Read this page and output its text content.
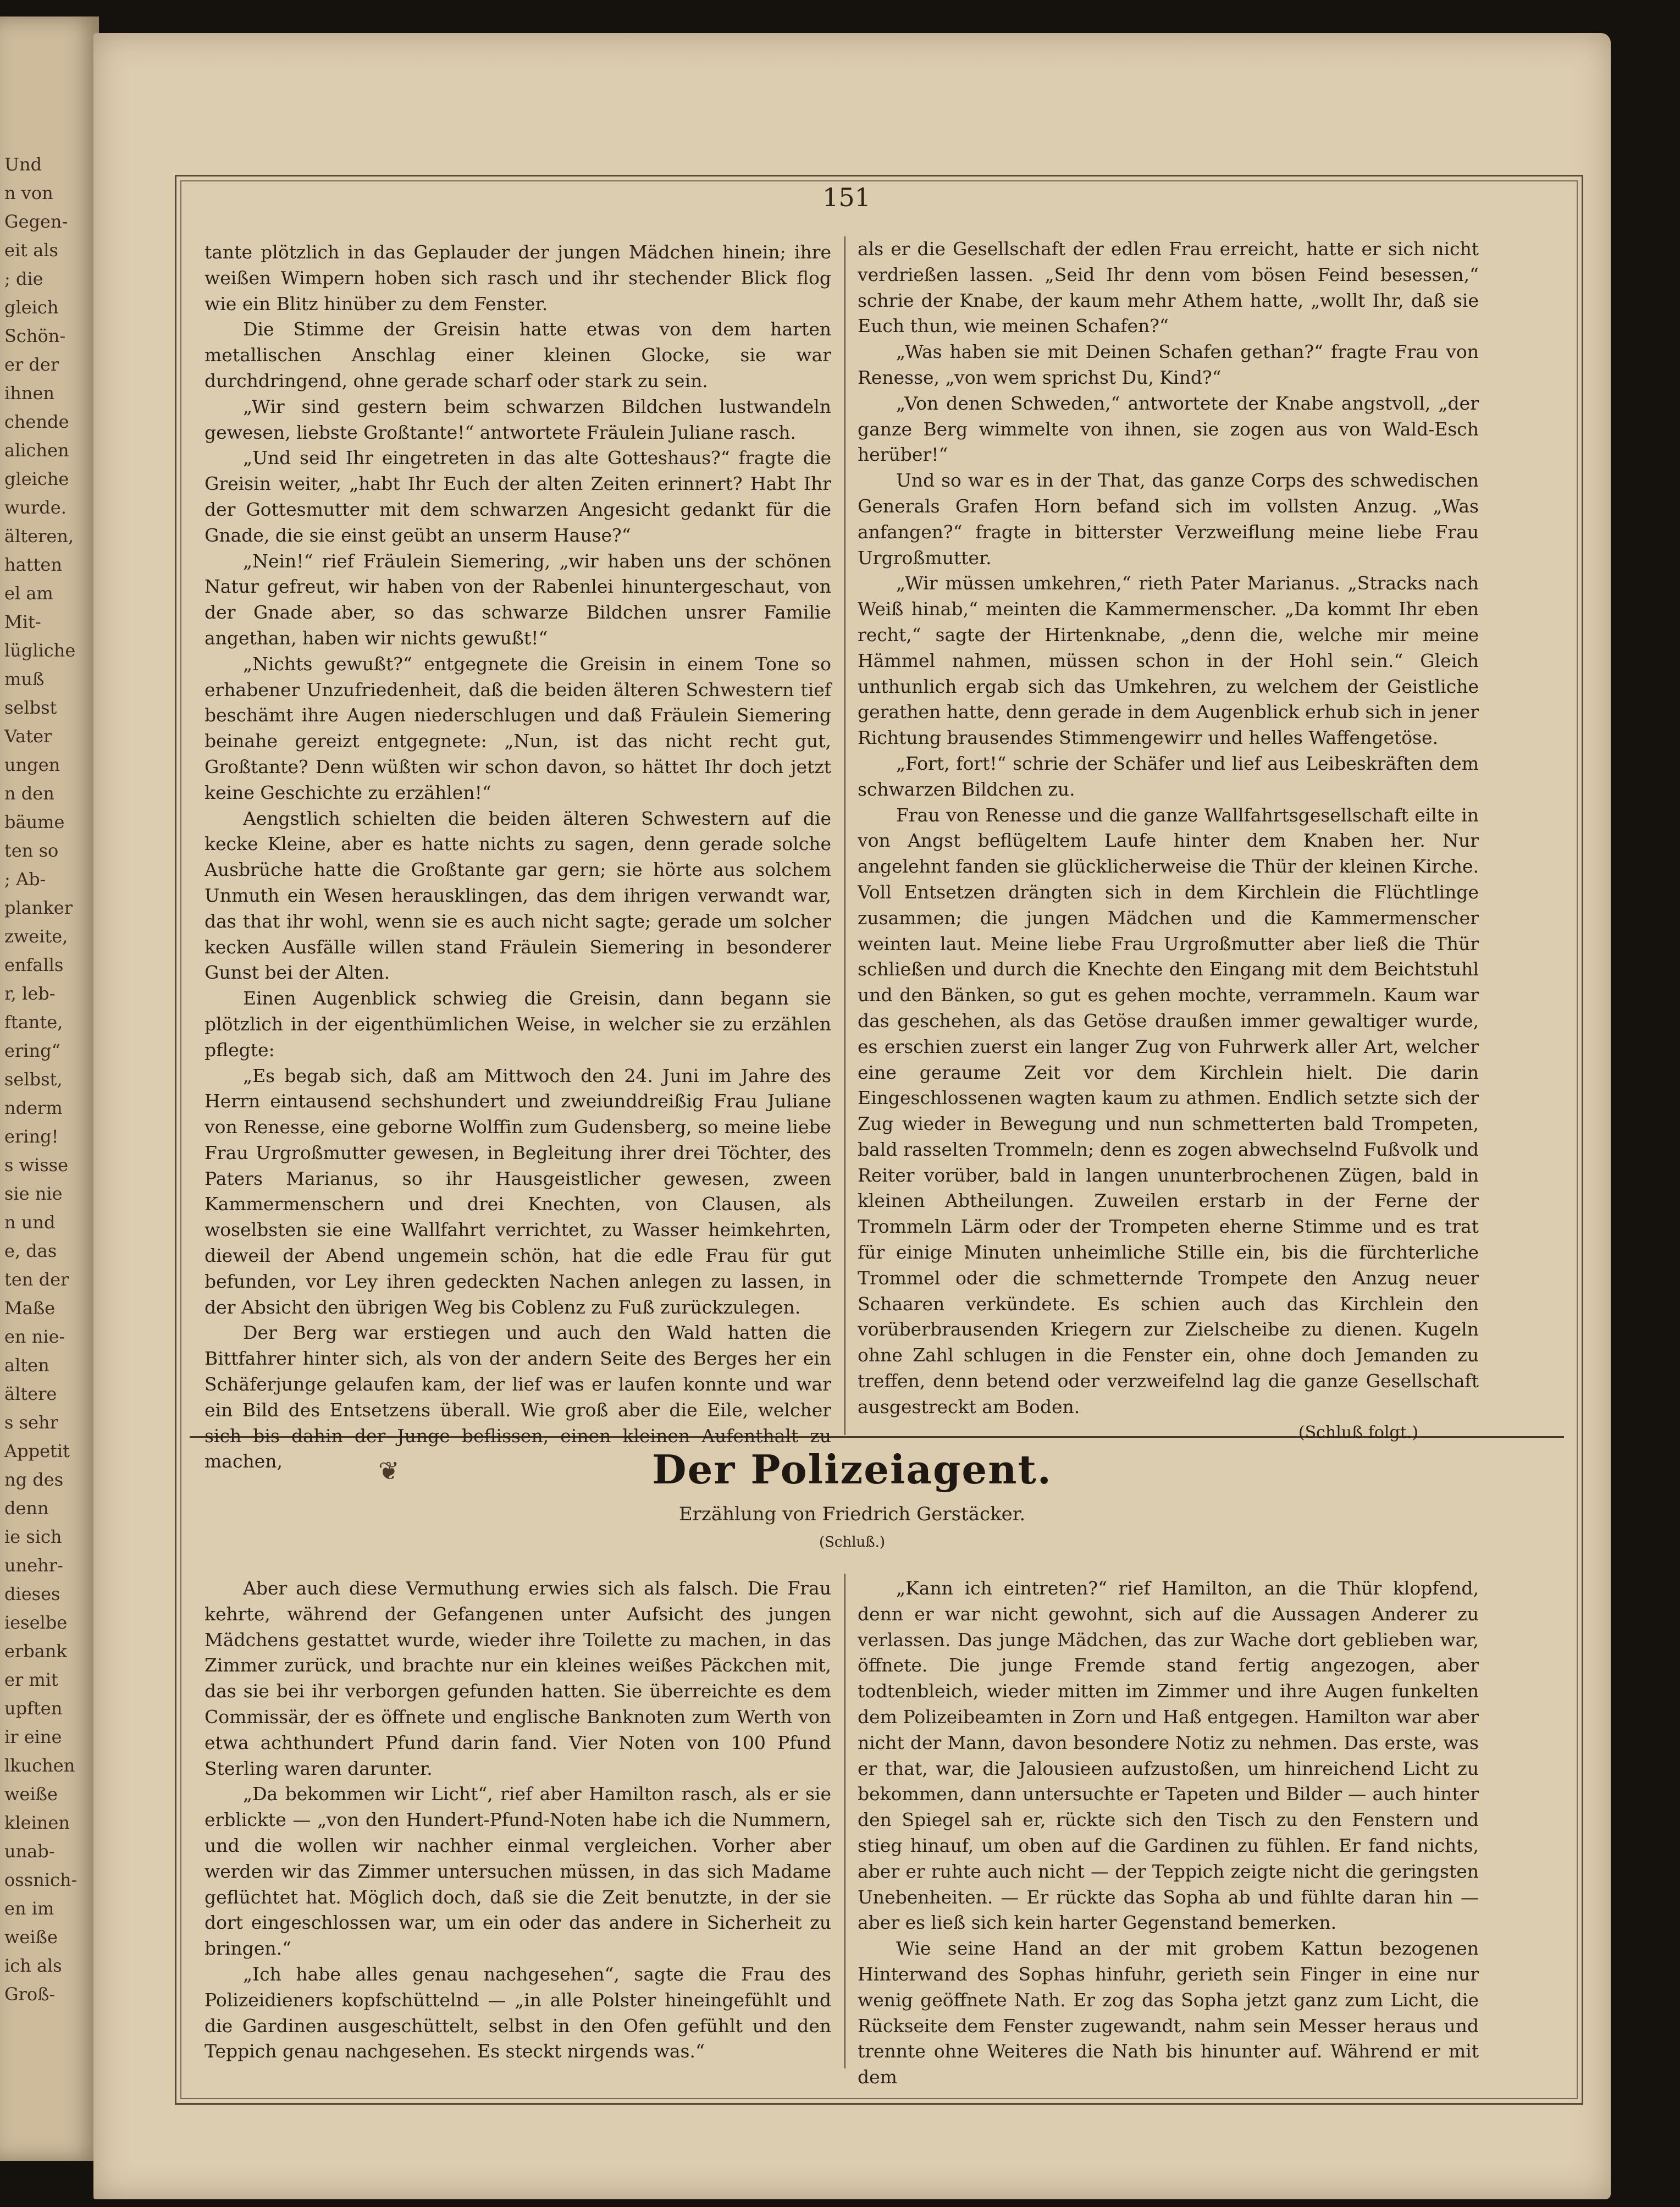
Und
n von
Gegen-
eit als
; die
gleich
Schön-
er der
ihnen
chende
alichen
gleiche
wurde.
älteren,
hatten
el am
Mit-
lügliche
muß
selbst
Vater
ungen
n den
bäume
ten so
; Ab-
planker
zweite,
enfalls
r, leb-
ftante,
ering“
selbst,
nderm
ering!
s wisse
sie nie
n und
e, das
ten der
Maße
en nie-
alten
ältere
s sehr
Appetit
ng des
denn
ie sich
unehr-
dieses
ieselbe
erbank
er mit
upften
ir eine
lkuchen
weiße
kleinen
unab-
ossnich-
en im
weiße
ich als
Groß-
151

tante plötzlich in das Geplauder der jungen Mädchen hinein; ihre weißen Wimpern hoben sich rasch und ihr stechender Blick flog wie ein Blitz hinüber zu dem Fenster.

Die Stimme der Greisin hatte etwas von dem harten metallischen Anschlag einer kleinen Glocke, sie war durchdringend, ohne gerade scharf oder stark zu sein.

„Wir sind gestern beim schwarzen Bildchen lustwandeln gewesen, liebste Großtante!“ antwortete Fräulein Juliane rasch.

„Und seid Ihr eingetreten in das alte Gotteshaus?“ fragte die Greisin weiter, „habt Ihr Euch der alten Zeiten erinnert? Habt Ihr der Gottesmutter mit dem schwarzen Angesicht gedankt für die Gnade, die sie einst geübt an unserm Hause?“

„Nein!“ rief Fräulein Siemering, „wir haben uns der schönen Natur gefreut, wir haben von der Rabenlei hinuntergeschaut, von der Gnade aber, so das schwarze Bildchen unsrer Familie angethan, haben wir nichts gewußt!“

„Nichts gewußt?“ entgegnete die Greisin in einem Tone so erhabener Unzufriedenheit, daß die beiden älteren Schwestern tief beschämt ihre Augen niederschlugen und daß Fräulein Siemering beinahe gereizt entgegnete: „Nun, ist das nicht recht gut, Großtante? Denn wüßten wir schon davon, so hättet Ihr doch jetzt keine Geschichte zu erzählen!“

Aengstlich schielten die beiden älteren Schwestern auf die kecke Kleine, aber es hatte nichts zu sagen, denn gerade solche Ausbrüche hatte die Großtante gar gern; sie hörte aus solchem Unmuth ein Wesen herausklingen, das dem ihrigen verwandt war, das that ihr wohl, wenn sie es auch nicht sagte; gerade um solcher kecken Ausfälle willen stand Fräulein Siemering in besonderer Gunst bei der Alten.

Einen Augenblick schwieg die Greisin, dann begann sie plötzlich in der eigenthümlichen Weise, in welcher sie zu erzählen pflegte:

„Es begab sich, daß am Mittwoch den 24. Juni im Jahre des Herrn eintausend sechshundert und zweiunddreißig Frau Juliane von Renesse, eine geborne Wolffin zum Gudensberg, so meine liebe Frau Urgroßmutter gewesen, in Begleitung ihrer drei Töchter, des Paters Marianus, so ihr Hausgeistlicher gewesen, zween Kammermenschern und drei Knechten, von Clausen, als woselbsten sie eine Wallfahrt verrichtet, zu Wasser heimkehrten, dieweil der Abend ungemein schön, hat die edle Frau für gut befunden, vor Ley ihren gedeckten Nachen anlegen zu lassen, in der Absicht den übrigen Weg bis Coblenz zu Fuß zurückzulegen.

Der Berg war erstiegen und auch den Wald hatten die Bittfahrer hinter sich, als von der andern Seite des Berges her ein Schäferjunge gelaufen kam, der lief was er laufen konnte und war ein Bild des Entsetzens überall. Wie groß aber die Eile, welcher sich bis dahin der Junge beflissen, einen kleinen Aufenthalt zu machen,

als er die Gesellschaft der edlen Frau erreicht, hatte er sich nicht verdrießen lassen. „Seid Ihr denn vom bösen Feind besessen,“ schrie der Knabe, der kaum mehr Athem hatte, „wollt Ihr, daß sie Euch thun, wie meinen Schafen?“

„Was haben sie mit Deinen Schafen gethan?“ fragte Frau von Renesse, „von wem sprichst Du, Kind?“

„Von denen Schweden,“ antwortete der Knabe angstvoll, „der ganze Berg wimmelte von ihnen, sie zogen aus von Wald-Esch herüber!“

Und so war es in der That, das ganze Corps des schwedischen Generals Grafen Horn befand sich im vollsten Anzug. „Was anfangen?“ fragte in bitterster Verzweiflung meine liebe Frau Urgroßmutter.

„Wir müssen umkehren,“ rieth Pater Marianus. „Stracks nach Weiß hinab,“ meinten die Kammermenscher. „Da kommt Ihr eben recht,“ sagte der Hirtenknabe, „denn die, welche mir meine Hämmel nahmen, müssen schon in der Hohl sein.“ Gleich unthunlich ergab sich das Umkehren, zu welchem der Geistliche gerathen hatte, denn gerade in dem Augenblick erhub sich in jener Richtung brausendes Stimmengewirr und helles Waffengetöse.

„Fort, fort!“ schrie der Schäfer und lief aus Leibeskräften dem schwarzen Bildchen zu.

Frau von Renesse und die ganze Wallfahrtsgesellschaft eilte in von Angst beflügeltem Laufe hinter dem Knaben her. Nur angelehnt fanden sie glücklicherweise die Thür der kleinen Kirche. Voll Entsetzen drängten sich in dem Kirchlein die Flüchtlinge zusammen; die jungen Mädchen und die Kammermenscher weinten laut. Meine liebe Frau Urgroßmutter aber ließ die Thür schließen und durch die Knechte den Eingang mit dem Beichtstuhl und den Bänken, so gut es gehen mochte, verrammeln. Kaum war das geschehen, als das Getöse draußen immer gewaltiger wurde, es erschien zuerst ein langer Zug von Fuhrwerk aller Art, welcher eine geraume Zeit vor dem Kirchlein hielt. Die darin Eingeschlossenen wagten kaum zu athmen. Endlich setzte sich der Zug wieder in Bewegung und nun schmetterten bald Trompeten, bald rasselten Trommeln; denn es zogen abwechselnd Fußvolk und Reiter vorüber, bald in langen ununterbrochenen Zügen, bald in kleinen Abtheilungen. Zuweilen erstarb in der Ferne der Trommeln Lärm oder der Trompeten eherne Stimme und es trat für einige Minuten unheimliche Stille ein, bis die fürchterliche Trommel oder die schmetternde Trompete den Anzug neuer Schaaren verkündete. Es schien auch das Kirchlein den vorüberbrausenden Kriegern zur Zielscheibe zu dienen. Kugeln ohne Zahl schlugen in die Fenster ein, ohne doch Jemanden zu treffen, denn betend oder verzweifelnd lag die ganze Gesellschaft ausgestreckt am Boden.

(Schluß folgt.)

❦	Der Polizeiagent.
Erzählung von Friedrich Gerstäcker.
(Schluß.)

Aber auch diese Vermuthung erwies sich als falsch. Die Frau kehrte, während der Gefangenen unter Aufsicht des jungen Mädchens gestattet wurde, wieder ihre Toilette zu machen, in das Zimmer zurück, und brachte nur ein kleines weißes Päckchen mit, das sie bei ihr verborgen gefunden hatten. Sie überreichte es dem Commissär, der es öffnete und englische Banknoten zum Werth von etwa achthundert Pfund darin fand. Vier Noten von 100 Pfund Sterling waren darunter.

„Da bekommen wir Licht“, rief aber Hamilton rasch, als er sie erblickte — „von den Hundert-Pfund-Noten habe ich die Nummern, und die wollen wir nachher einmal vergleichen. Vorher aber werden wir das Zimmer untersuchen müssen, in das sich Madame geflüchtet hat. Möglich doch, daß sie die Zeit benutzte, in der sie dort eingeschlossen war, um ein oder das andere in Sicherheit zu bringen.“

„Ich habe alles genau nachgesehen“, sagte die Frau des Polizeidieners kopfschüttelnd — „in alle Polster hineingefühlt und die Gardinen ausgeschüttelt, selbst in den Ofen gefühlt und den Teppich genau nachgesehen. Es steckt nirgends was.“

„Kann ich eintreten?“ rief Hamilton, an die Thür klopfend, denn er war nicht gewohnt, sich auf die Aussagen Anderer zu verlassen. Das junge Mädchen, das zur Wache dort geblieben war, öffnete. Die junge Fremde stand fertig angezogen, aber todtenbleich, wieder mitten im Zimmer und ihre Augen funkelten dem Polizeibeamten in Zorn und Haß entgegen. Hamilton war aber nicht der Mann, davon besondere Notiz zu nehmen. Das erste, was er that, war, die Jalousieen aufzustoßen, um hinreichend Licht zu bekommen, dann untersuchte er Tapeten und Bilder — auch hinter den Spiegel sah er, rückte sich den Tisch zu den Fenstern und stieg hinauf, um oben auf die Gardinen zu fühlen. Er fand nichts, aber er ruhte auch nicht — der Teppich zeigte nicht die geringsten Unebenheiten. — Er rückte das Sopha ab und fühlte daran hin — aber es ließ sich kein harter Gegenstand bemerken.

Wie seine Hand an der mit grobem Kattun bezogenen Hinterwand des Sophas hinfuhr, gerieth sein Finger in eine nur wenig geöffnete Nath. Er zog das Sopha jetzt ganz zum Licht, die Rückseite dem Fenster zugewandt, nahm sein Messer heraus und trennte ohne Weiteres die Nath bis hinunter auf. Während er mit dem
